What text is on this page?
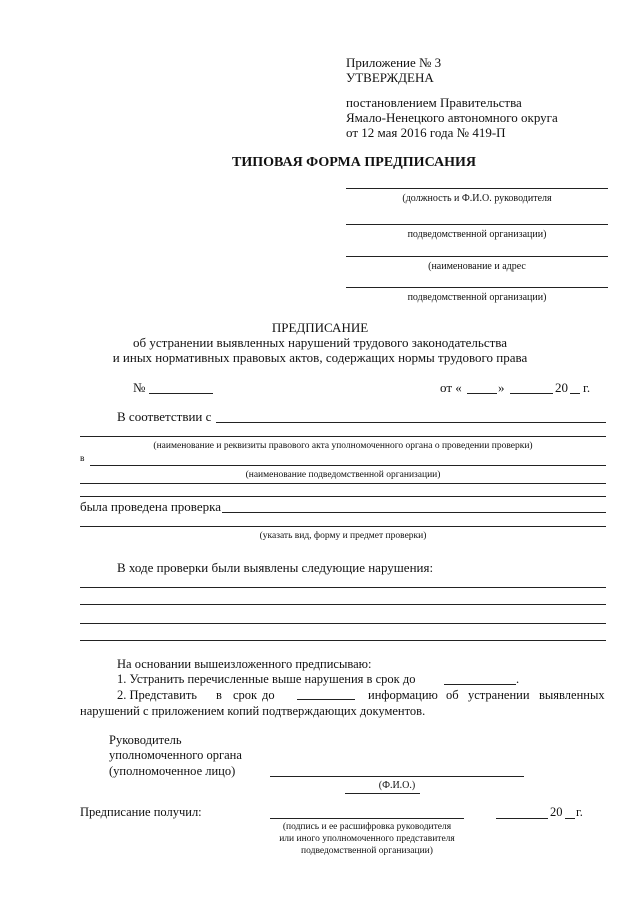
Приложение № 3
УТВЕРЖДЕНА
постановлением Правительства
Ямало-Ненецкого автономного округа
от 12 мая 2016 года № 419-П
ТИПОВАЯ ФОРМА ПРЕДПИСАНИЯ
(должность и Ф.И.О. руководителя
подведомственной организации)
(наименование и адрес
подведомственной организации)
ПРЕДПИСАНИЕ
об устранении выявленных нарушений трудового законодательства
и иных нормативных правовых актов, содержащих нормы трудового права
№	от «	»	20 г.
В соответствии с
(наименование и реквизиты правового акта уполномоченного органа о проведении проверки)
в
(наименование подведомственной организации)
была проведена проверка
(указать вид, форму и предмет проверки)
В ходе проверки были выявлены следующие нарушения:
На основании вышеизложенного предписываю:
1. Устранить перечисленные выше нарушения в срок до	.
2. Представить в срок до	информацию об устранении выявленных
нарушений с приложением копий подтверждающих документов.
Руководитель
уполномоченного органа
(уполномоченное лицо)
(Ф.И.О.)
Предписание получил:	20 г.
(подпись и ее расшифровка руководителя
или иного уполномоченного представителя
подведомственной организации)
